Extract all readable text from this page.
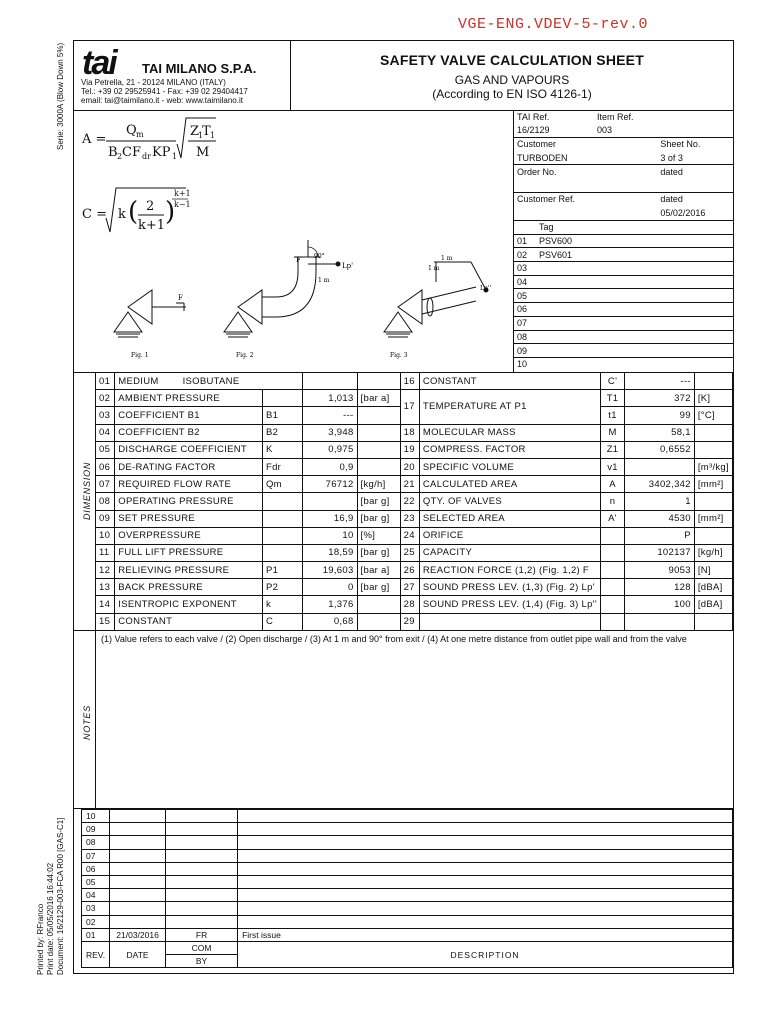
VGE-ENG.VDEV-5-rev.0
Serie: 3000A (Blow Down 5%)
Printed by: RFranco Print date: 05/05/2016 16:44:02 Document: 16/2129-003-FCA R00 [GAS-C1]
tai TAI MILANO S.P.A.
Via Petrella, 21 - 20124 MILANO (ITALY)
Tel.: +39 02 29525941 - Fax: +39 02 29404417
email: tai@taimilano.it - web: www.taimilano.it
SAFETY VALVE CALCULATION SHEET
GAS AND VAPOURS
(According to EN ISO 4126-1)
A =
Q m
B 2 CF dr KP 1
Z
1
T 1
M
C = k ( 2
k+1 )
k+1
k−1
F
Fig. 1
F 90°
1 m
Lp'
Fig. 2
1 m
1 m
Lp''
Fig. 3
TAI Ref.	Item Ref.	
16/2129	003	
Customer		Sheet No.
TURBODEN		3 of 3
Order No.		dated

Customer Ref.		dated
		05/02/2016
	Tag
01	PSV600
02	PSV601
03	
04	
05	
06	
07	
08	
09	
10	
DIMENSION
01	MEDIUM ISOBUTANE				16	CONSTANT	C'	---	
02	AMBIENT PRESSURE		1,013	[bar a]	17	TEMPERATURE AT P1	T1	372	[K]
03	COEFFICIENT B1	B1	---				t1	99	[°C]
04	COEFFICIENT B2	B2	3,948		18	MOLECULAR MASS	M	58,1	
05	DISCHARGE COEFFICIENT	K	0,975		19	COMPRESS. FACTOR	Z1	0,6552	
06	DE-RATING FACTOR	Fdr	0,9		20	SPECIFIC VOLUME	v1		[m³/kg]
07	REQUIRED FLOW RATE	Qm	76712	[kg/h]	21	CALCULATED AREA	A	3402,342	[mm²]
08	OPERATING PRESSURE			[bar g]	22	QTY. OF VALVES	n	1	
09	SET PRESSURE		16,9	[bar g]	23	SELECTED AREA	A'	4530	[mm²]
10	OVERPRESSURE		10	[%]	24	ORIFICE		P	
11	FULL LIFT PRESSURE		18,59	[bar g]	25	CAPACITY		102137	[kg/h]
12	RELIEVING PRESSURE	P1	19,603	[bar a]	26	REACTION FORCE (1,2) (Fig. 1,2) F		9053	[N]
13	BACK PRESSURE	P2	0	[bar g]	27	SOUND PRESS LEV. (1,3) (Fig. 2) Lp'		128	[dBA]
14	ISENTROPIC EXPONENT	k	1,376		28	SOUND PRESS LEV. (1,4) (Fig. 3) Lp''		100	[dBA]
15	CONSTANT	C	0,68		29				
NOTES
(1) Value refers to each valve / (2) Open discharge / (3) At 1 m and 90° from exit / (4) At one metre distance from outlet pipe wall and from the valve
10			
09			
08			
07			
06			
05			
04			
03			
02			
01	21/03/2016	FR	First issue
REV.	DATE	COM	DESCRIPTION
		BY	
